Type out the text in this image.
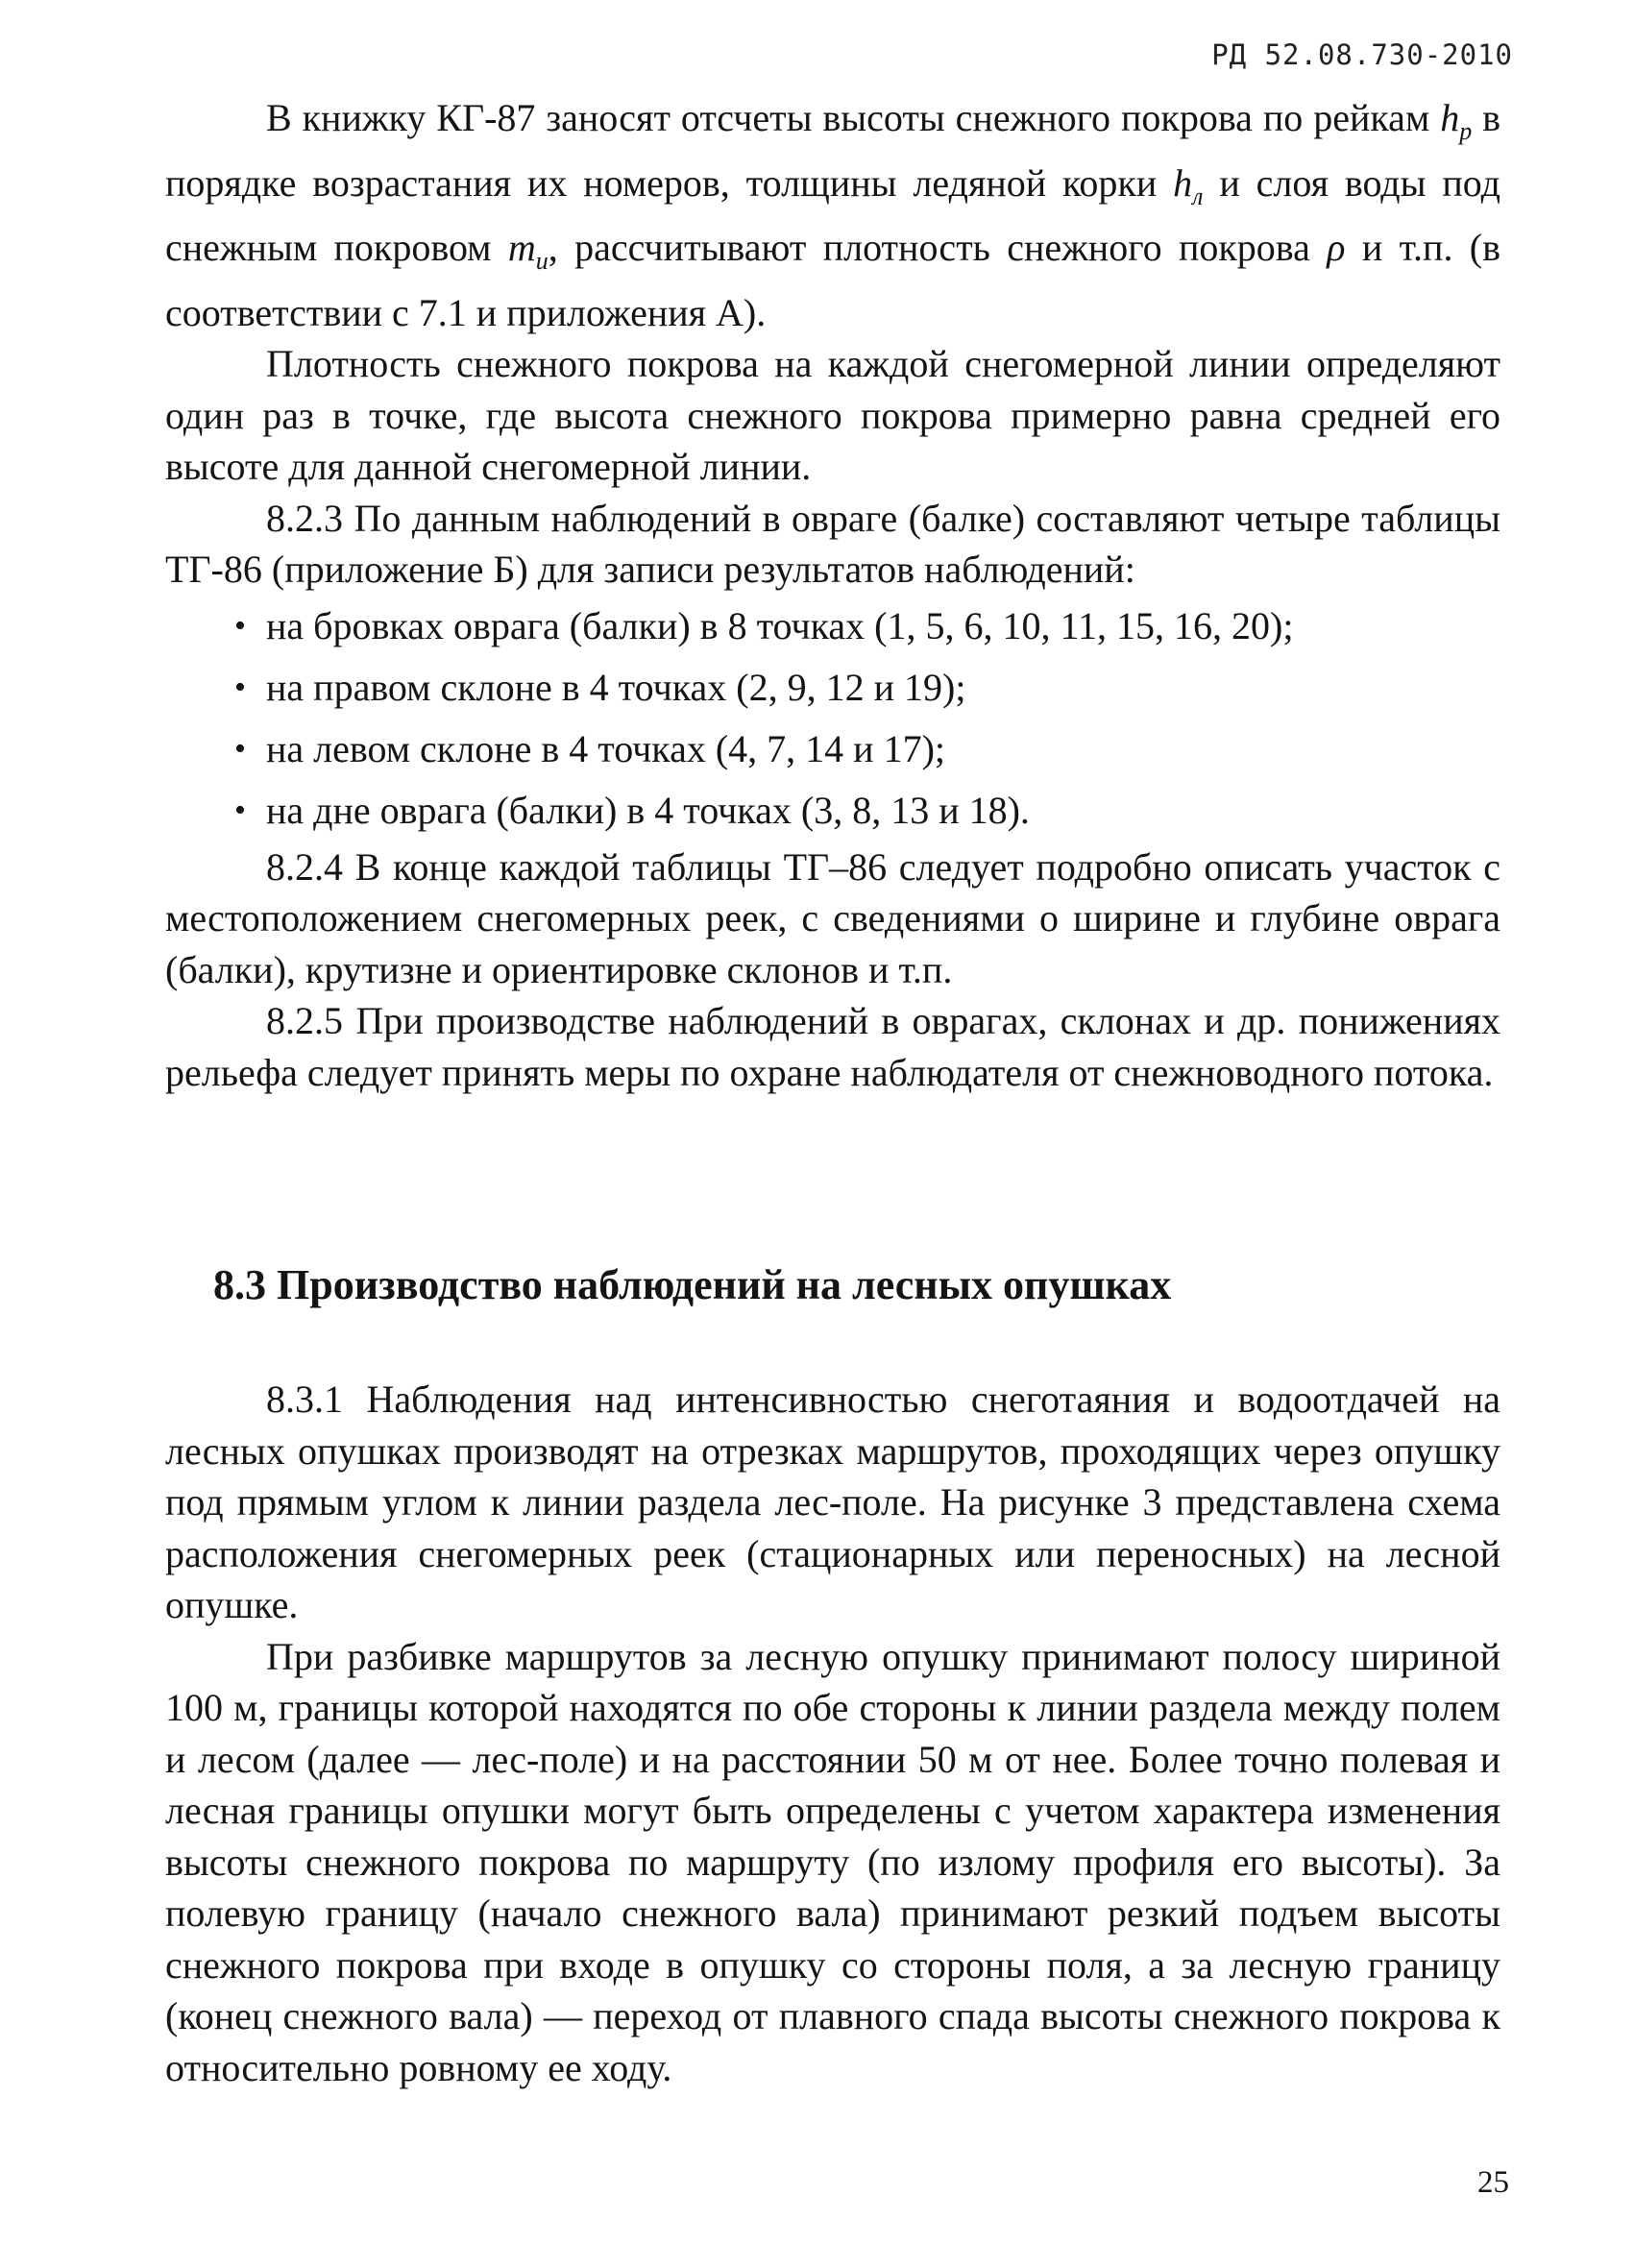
РД 52.08.730-2010

В книжку КГ-87 заносят отсчеты высоты снежного покрова по рейкам $h_р$ в порядке возрастания их номеров, толщины ледяной корки $h_л$ и слоя воды под снежным покровом $m_и$, рассчитывают плотность снежного покрова ρ и т.п. (в соответствии с 7.1 и приложения А).

Плотность снежного покрова на каждой снегомерной линии определяют один раз в точке, где высота снежного покрова примерно равна средней его высоте для данной снегомерной линии.

8.2.3 По данным наблюдений в овраге (балке) составляют четыре таблицы ТГ-86 (приложение Б) для записи результатов наблюдений:

• на бровках оврага (балки) в 8 точках (1, 5, 6, 10, 11, 15, 16, 20);
• на правом склоне в 4 точках (2, 9, 12 и 19);
• на левом склоне в 4 точках (4, 7, 14 и 17);
• на дне оврага (балки) в 4 точках (3, 8, 13 и 18).

8.2.4 В конце каждой таблицы ТГ–86 следует подробно описать участок с местоположением снегомерных реек, с сведениями о ширине и глубине оврага (балки), крутизне и ориентировке склонов и т.п.

8.2.5 При производстве наблюдений в оврагах, склонах и др. понижениях рельефа следует принять меры по охране наблюдателя от снежноводного потока.

8.3 Производство наблюдений на лесных опушках

8.3.1 Наблюдения над интенсивностью снеготаяния и водоотдачей на лесных опушках производят на отрезках маршрутов, проходящих через опушку под прямым углом к линии раздела лес-поле. На рисунке 3 представлена схема расположения снегомерных реек (стационарных или переносных) на лесной опушке.

При разбивке маршрутов за лесную опушку принимают полосу шириной 100 м, границы которой находятся по обе стороны к линии раздела между полем и лесом (далее — лес-поле) и на расстоянии 50 м от нее. Более точно полевая и лесная границы опушки могут быть определены с учетом характера изменения высоты снежного покрова по маршруту (по излому профиля его высоты). За полевую границу (начало снежного вала) принимают резкий подъем высоты снежного покрова при входе в опушку со стороны поля, а за лесную границу (конец снежного вала) — переход от плавного спада высоты снежного покрова к относительно ровному ее ходу.

25
